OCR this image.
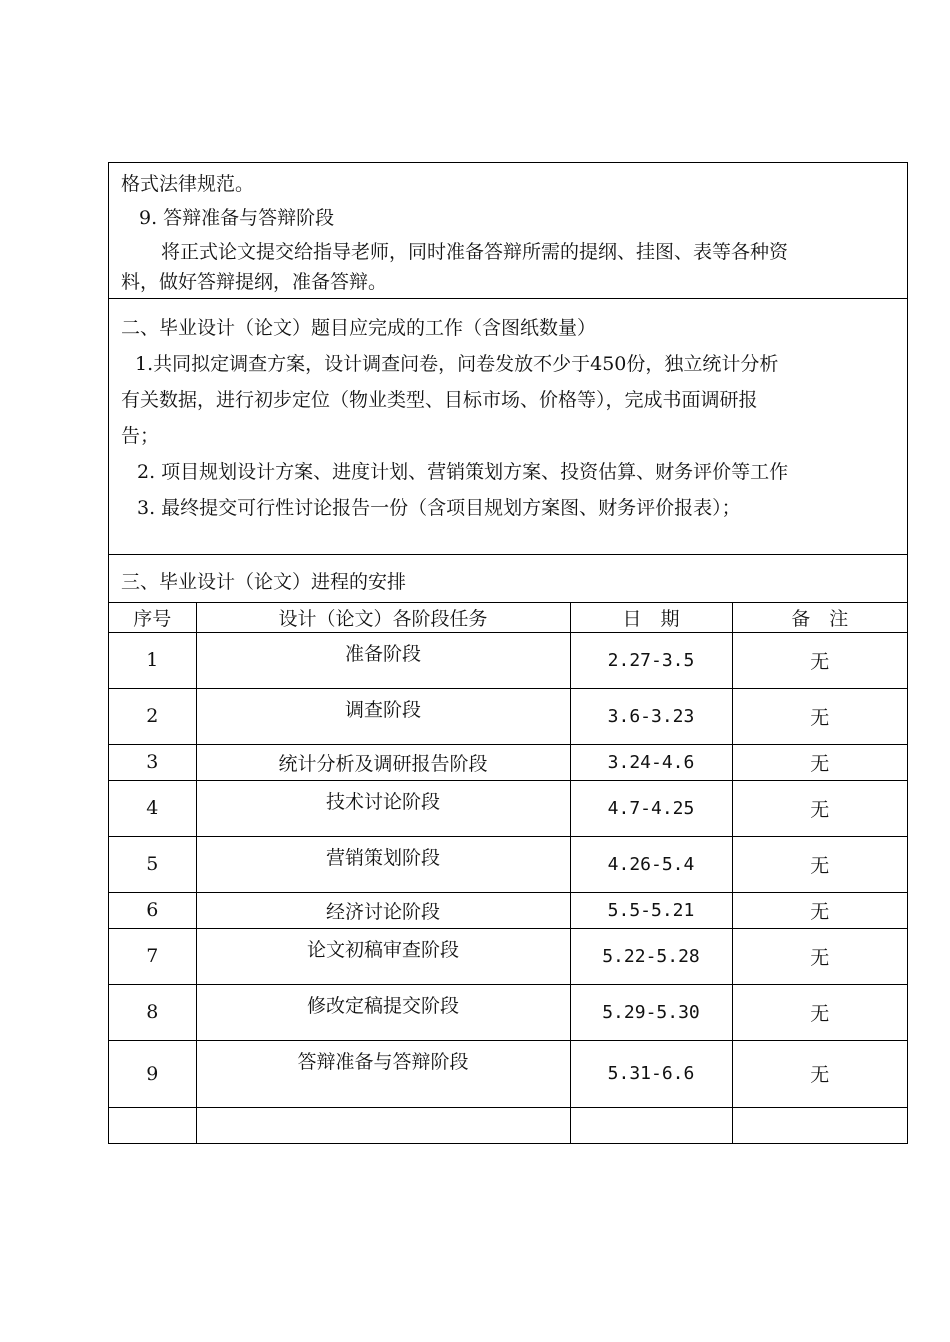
格式法律规范。
9. 答辩准备与答辩阶段
将正式论文提交给指导老师，同时准备答辩所需的提纲、挂图、表等各种资
料，做好答辩提纲，准备答辩。
二、毕业设计（论文）题目应完成的工作（含图纸数量）
1.共同拟定调查方案，设计调查问卷，问卷发放不少于450份，独立统计分析
有关数据，进行初步定位（物业类型、目标市场、价格等），完成书面调研报
告；
2. 项目规划设计方案、进度计划、营销策划方案、投资估算、财务评价等工作
3. 最终提交可行性讨论报告一份（含项目规划方案图、财务评价报表）；
三、毕业设计（论文）进程的安排
序号	设计（论文）各阶段任务	日　期	备　注
1	准备阶段	2.27-3.5	无
2	调查阶段	3.6-3.23	无
3	统计分析及调研报告阶段	3.24-4.6	无
4	技术讨论阶段	4.7-4.25	无
5	营销策划阶段	4.26-5.4	无
6	经济讨论阶段	5.5-5.21	无
7	论文初稿审查阶段	5.22-5.28	无
8	修改定稿提交阶段	5.29-5.30	无
9	答辩准备与答辩阶段	5.31-6.6	无
